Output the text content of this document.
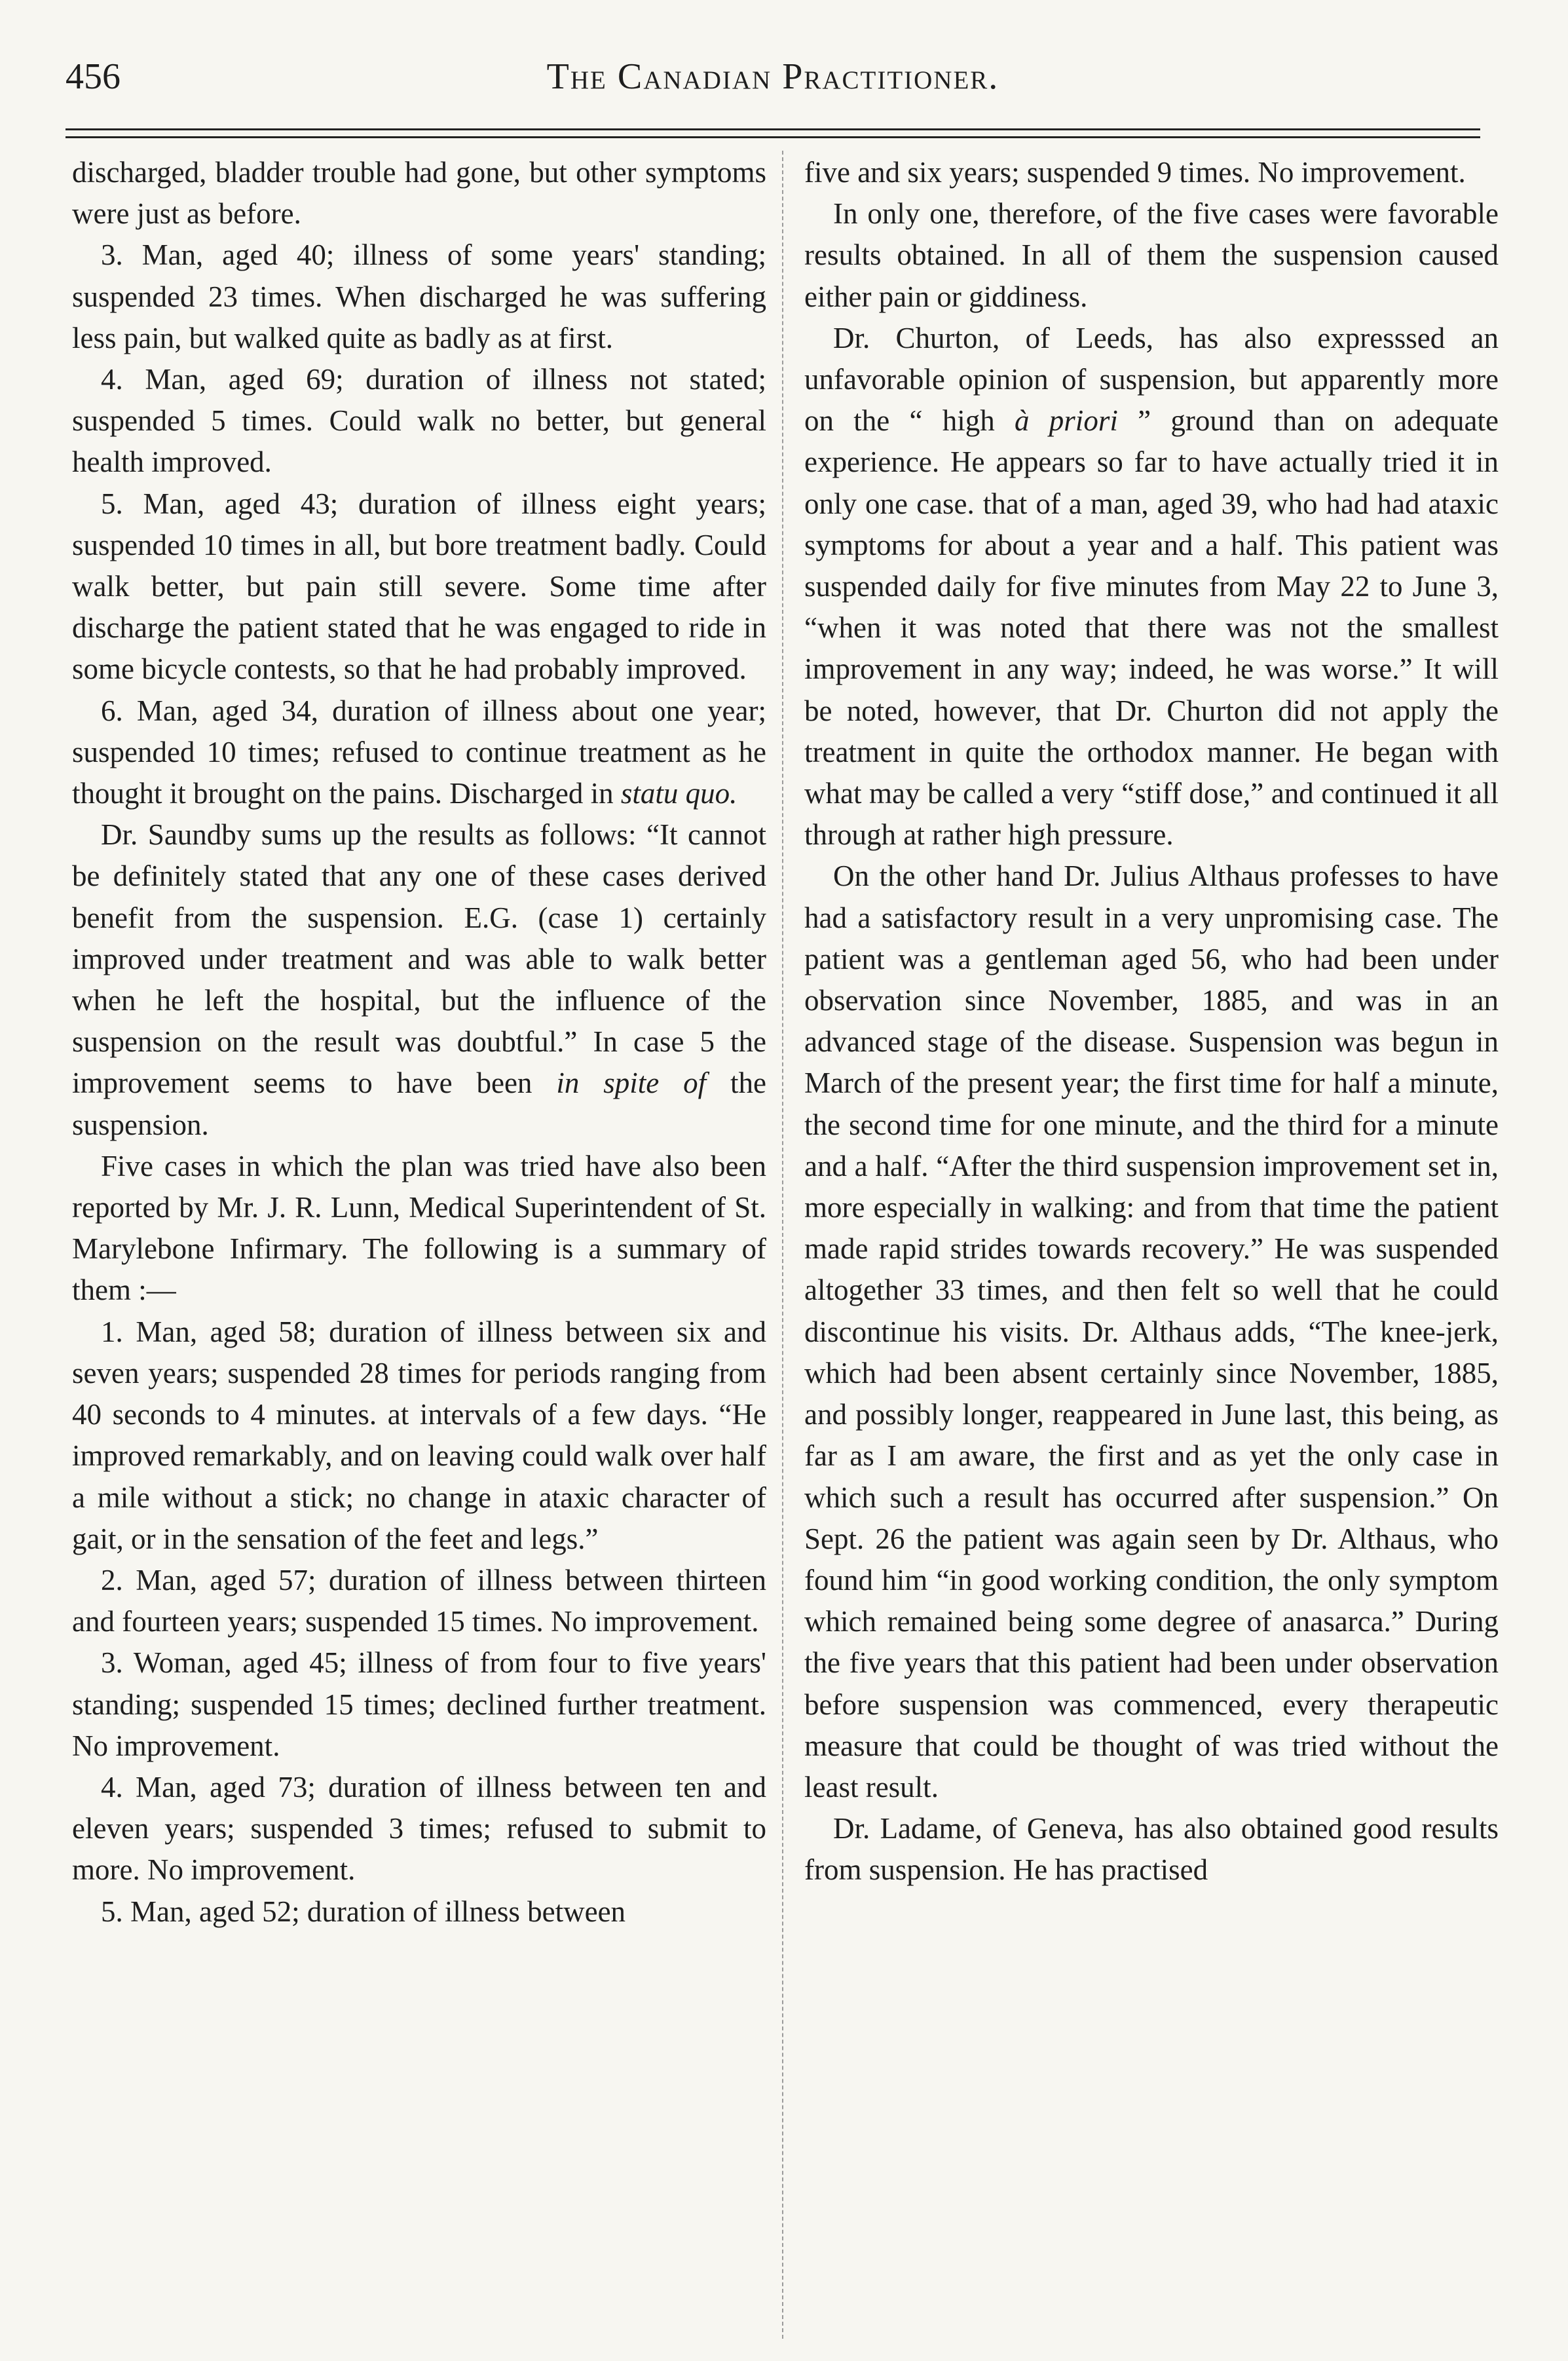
456	The Canadian Practitioner.

discharged, bladder trouble had gone, but other symptoms were just as before.

3. Man, aged 40; illness of some years' standing; suspended 23 times. When discharged he was suffering less pain, but walked quite as badly as at first.

4. Man, aged 69; duration of illness not stated; suspended 5 times. Could walk no better, but general health improved.

5. Man, aged 43; duration of illness eight years; suspended 10 times in all, but bore treatment badly. Could walk better, but pain still severe. Some time after discharge the patient stated that he was engaged to ride in some bicycle contests, so that he had probably improved.

6. Man, aged 34, duration of illness about one year; suspended 10 times; refused to continue treatment as he thought it brought on the pains. Discharged in statu quo.

Dr. Saundby sums up the results as follows: “It cannot be definitely stated that any one of these cases derived benefit from the suspension. E.G. (case 1) certainly improved under treatment and was able to walk better when he left the hospital, but the influence of the suspension on the result was doubtful.” In case 5 the improvement seems to have been in spite of the suspension.

Five cases in which the plan was tried have also been reported by Mr. J. R. Lunn, Medical Superintendent of St. Marylebone Infirmary. The following is a summary of them :—

1. Man, aged 58; duration of illness between six and seven years; suspended 28 times for periods ranging from 40 seconds to 4 minutes. at intervals of a few days. “He improved remarkably, and on leaving could walk over half a mile without a stick; no change in ataxic character of gait, or in the sensation of the feet and legs.”

2. Man, aged 57; duration of illness between thirteen and fourteen years; suspended 15 times. No improvement.

3. Woman, aged 45; illness of from four to five years' standing; suspended 15 times; declined further treatment. No improvement.

4. Man, aged 73; duration of illness between ten and eleven years; suspended 3 times; refused to submit to more. No improvement.

5. Man, aged 52; duration of illness between

five and six years; suspended 9 times. No improvement.

In only one, therefore, of the five cases were favorable results obtained. In all of them the suspension caused either pain or giddiness.

Dr. Churton, of Leeds, has also expresssed an unfavorable opinion of suspension, but apparently more on the “ high à priori ” ground than on adequate experience. He appears so far to have actually tried it in only one case. that of a man, aged 39, who had had ataxic symptoms for about a year and a half. This patient was suspended daily for five minutes from May 22 to June 3, “when it was noted that there was not the smallest improvement in any way; indeed, he was worse.” It will be noted, however, that Dr. Churton did not apply the treatment in quite the orthodox manner. He began with what may be called a very “stiff dose,” and continued it all through at rather high pressure.

On the other hand Dr. Julius Althaus professes to have had a satisfactory result in a very unpromising case. The patient was a gentleman aged 56, who had been under observation since November, 1885, and was in an advanced stage of the disease. Suspension was begun in March of the present year; the first time for half a minute, the second time for one minute, and the third for a minute and a half. “After the third suspension improvement set in, more especially in walking: and from that time the patient made rapid strides towards recovery.” He was suspended altogether 33 times, and then felt so well that he could discontinue his visits. Dr. Althaus adds, “The knee-jerk, which had been absent certainly since November, 1885, and possibly longer, reappeared in June last, this being, as far as I am aware, the first and as yet the only case in which such a result has occurred after suspension.” On Sept. 26 the patient was again seen by Dr. Althaus, who found him “in good working condition, the only symptom which remained being some degree of anasarca.” During the five years that this patient had been under observation before suspension was commenced, every therapeutic measure that could be thought of was tried without the least result.

Dr. Ladame, of Geneva, has also obtained good results from suspension. He has practised
